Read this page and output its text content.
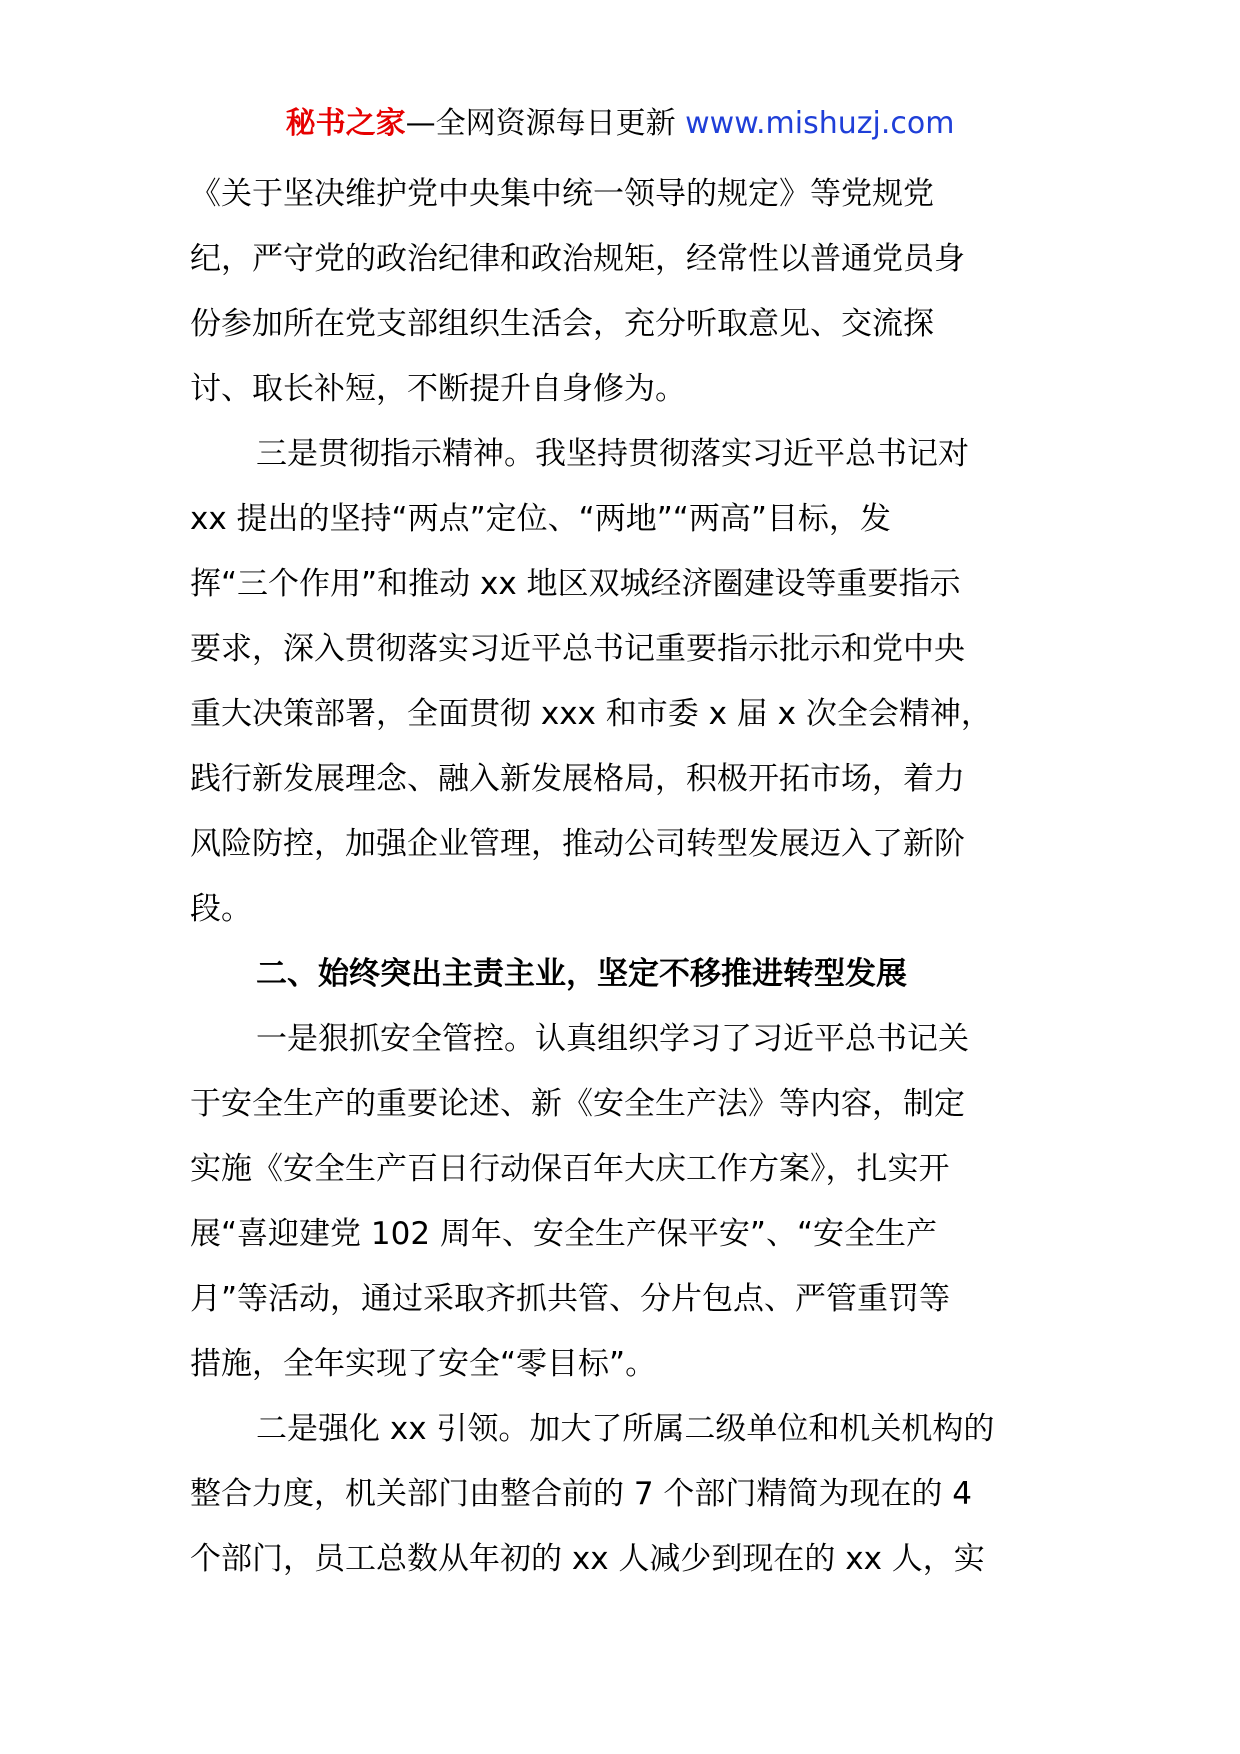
秘书之家—全网资源每日更新 www.mishuzj.com
《关于坚决维护党中央集中统一领导的规定》等党规党
纪，严守党的政治纪律和政治规矩，经常性以普通党员身
份参加所在党支部组织生活会，充分听取意见、交流探
讨、取长补短，不断提升自身修为。
三是贯彻指示精神。我坚持贯彻落实习近平总书记对
xx 提出的坚持“两点”定位、“两地”“两高”目标，发
挥“三个作用”和推动 xx 地区双城经济圈建设等重要指示
要求，深入贯彻落实习近平总书记重要指示批示和党中央
重大决策部署，全面贯彻 xxx 和市委 x 届 x 次全会精神，
践行新发展理念、融入新发展格局，积极开拓市场，着力
风险防控，加强企业管理，推动公司转型发展迈入了新阶
段。
二、始终突出主责主业，坚定不移推进转型发展
一是狠抓安全管控。认真组织学习了习近平总书记关
于安全生产的重要论述、新《安全生产法》等内容，制定
实施《安全生产百日行动保百年大庆工作方案》，扎实开
展“喜迎建党 102 周年、安全生产保平安”、“安全生产
月”等活动，通过采取齐抓共管、分片包点、严管重罚等
措施，全年实现了安全“零目标”。
二是强化 xx 引领。加大了所属二级单位和机关机构的
整合力度，机关部门由整合前的 7 个部门精简为现在的 4
个部门，员工总数从年初的 xx 人减少到现在的 xx 人，实
